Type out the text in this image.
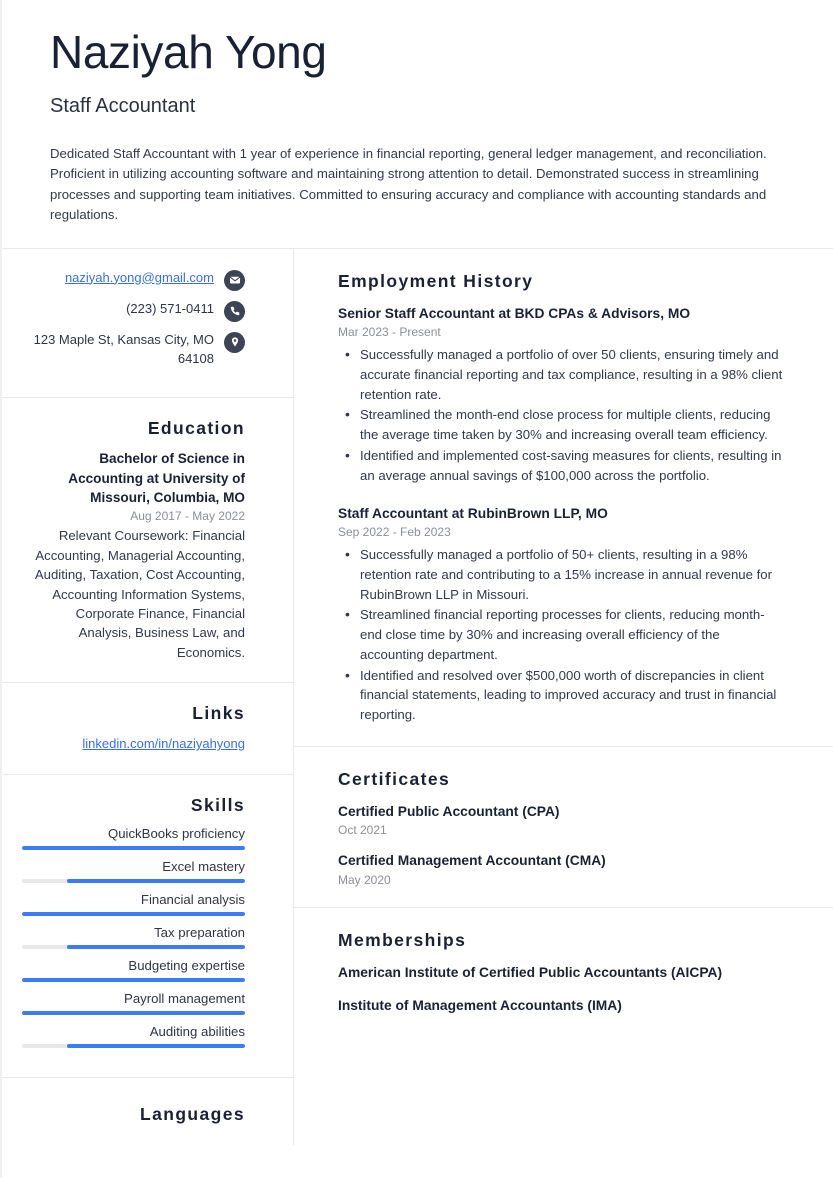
Naziyah Yong
Staff Accountant
Dedicated Staff Accountant with 1 year of experience in financial reporting, general ledger management, and reconciliation. Proficient in utilizing accounting software and maintaining strong attention to detail. Demonstrated success in streamlining processes and supporting team initiatives. Committed to ensuring accuracy and compliance with accounting standards and regulations.
naziyah.yong@gmail.com
(223) 571-0411
123 Maple St, Kansas City, MO 64108
Education
Bachelor of Science in Accounting at University of Missouri, Columbia, MO
Aug 2017 - May 2022
Relevant Coursework: Financial Accounting, Managerial Accounting, Auditing, Taxation, Cost Accounting, Accounting Information Systems, Corporate Finance, Financial Analysis, Business Law, and Economics.
Links
linkedin.com/in/naziyahyong
Skills
QuickBooks proficiency
Excel mastery
Financial analysis
Tax preparation
Budgeting expertise
Payroll management
Auditing abilities
Languages
Employment History
Senior Staff Accountant at BKD CPAs & Advisors, MO
Mar 2023 - Present
• Successfully managed a portfolio of over 50 clients, ensuring timely and accurate financial reporting and tax compliance, resulting in a 98% client retention rate.
• Streamlined the month-end close process for multiple clients, reducing the average time taken by 30% and increasing overall team efficiency.
• Identified and implemented cost-saving measures for clients, resulting in an average annual savings of $100,000 across the portfolio.
Staff Accountant at RubinBrown LLP, MO
Sep 2022 - Feb 2023
• Successfully managed a portfolio of 50+ clients, resulting in a 98% retention rate and contributing to a 15% increase in annual revenue for RubinBrown LLP in Missouri.
• Streamlined financial reporting processes for clients, reducing month-end close time by 30% and increasing overall efficiency of the accounting department.
• Identified and resolved over $500,000 worth of discrepancies in client financial statements, leading to improved accuracy and trust in financial reporting.
Certificates
Certified Public Accountant (CPA)
Oct 2021
Certified Management Accountant (CMA)
May 2020
Memberships
American Institute of Certified Public Accountants (AICPA)
Institute of Management Accountants (IMA)
